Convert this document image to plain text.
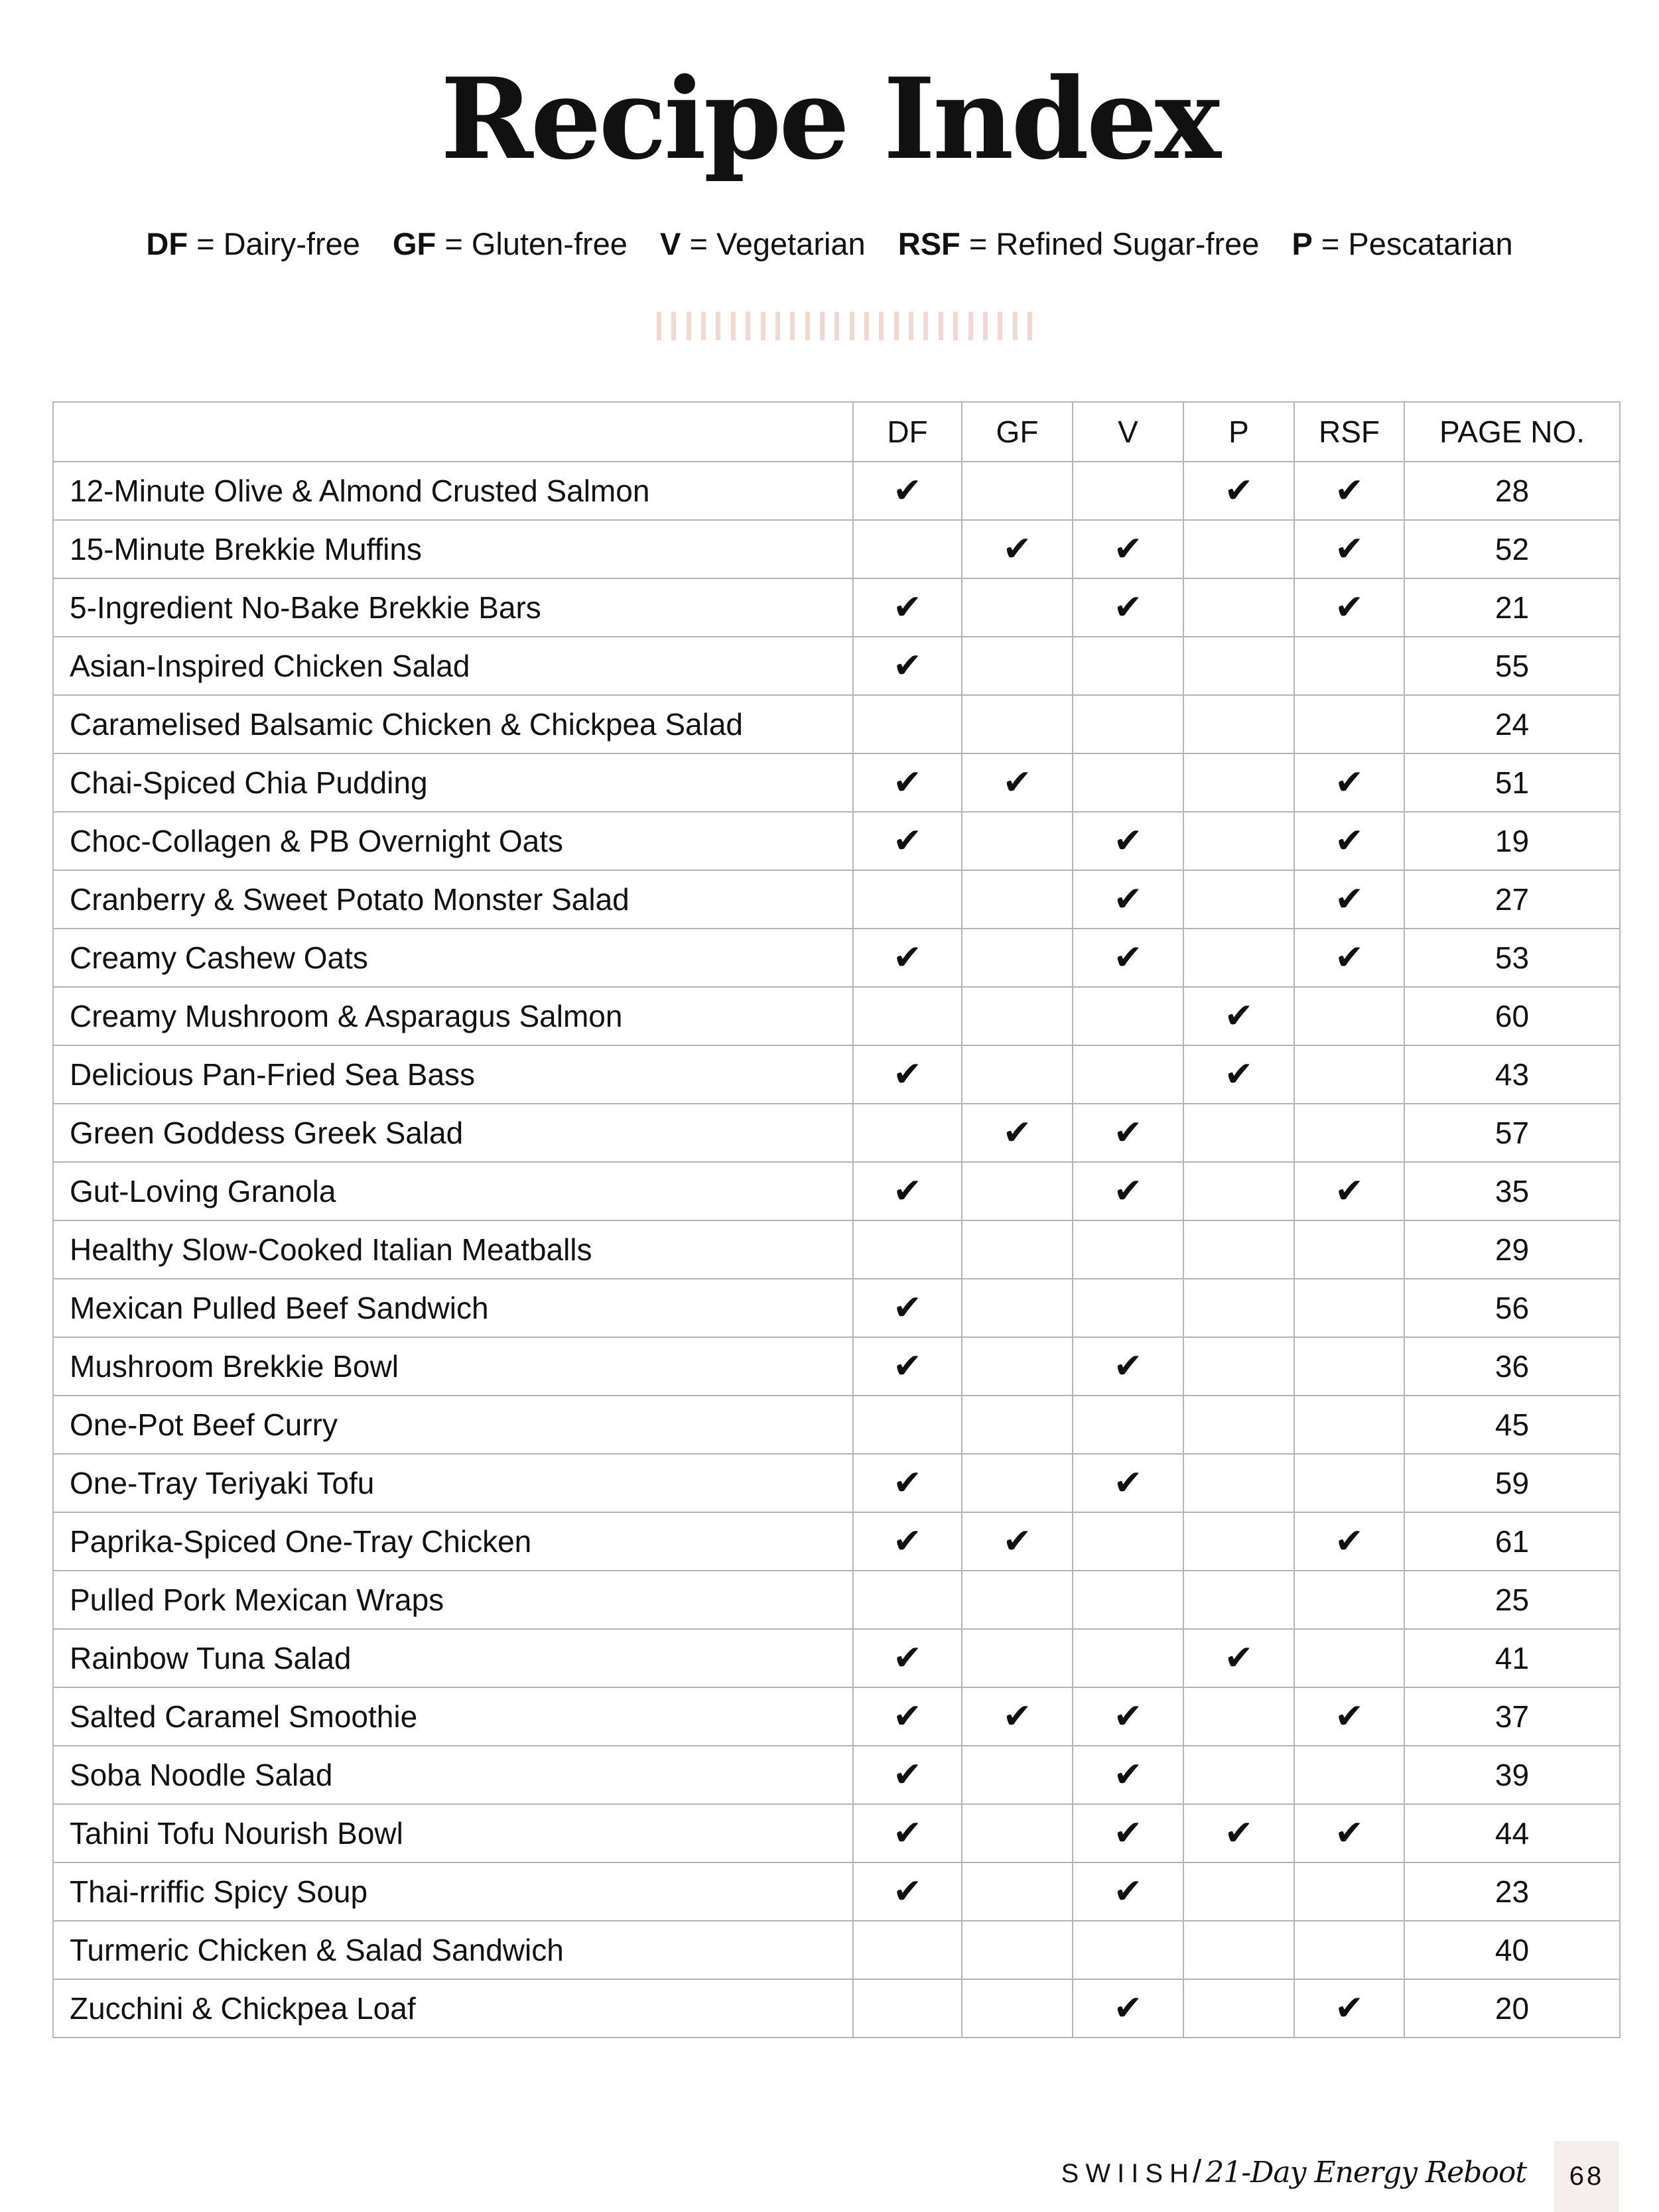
Recipe Index
DF = Dairy-free GF = Gluten-free V = Vegetarian RSF = Refined Sugar-free P = Pescatarian
	DF	GF	V	P	RSF	PAGE NO.
12-Minute Olive & Almond Crusted Salmon	✔			✔	✔	28
15-Minute Brekkie Muffins		✔	✔		✔	52
5-Ingredient No-Bake Brekkie Bars	✔		✔		✔	21
Asian-Inspired Chicken Salad	✔					55
Caramelised Balsamic Chicken & Chickpea Salad						24
Chai-Spiced Chia Pudding	✔	✔			✔	51
Choc-Collagen & PB Overnight Oats	✔		✔		✔	19
Cranberry & Sweet Potato Monster Salad			✔		✔	27
Creamy Cashew Oats	✔		✔		✔	53
Creamy Mushroom & Asparagus Salmon				✔		60
Delicious Pan-Fried Sea Bass	✔			✔		43
Green Goddess Greek Salad		✔	✔			57
Gut-Loving Granola	✔		✔		✔	35
Healthy Slow-Cooked Italian Meatballs						29
Mexican Pulled Beef Sandwich	✔					56
Mushroom Brekkie Bowl	✔		✔			36
One-Pot Beef Curry						45
One-Tray Teriyaki Tofu	✔		✔			59
Paprika-Spiced One-Tray Chicken	✔	✔			✔	61
Pulled Pork Mexican Wraps						25
Rainbow Tuna Salad	✔			✔		41
Salted Caramel Smoothie	✔	✔	✔		✔	37
Soba Noodle Salad	✔		✔			39
Tahini Tofu Nourish Bowl	✔		✔	✔	✔	44
Thai-rriffic Spicy Soup	✔		✔			23
Turmeric Chicken & Salad Sandwich						40
Zucchini & Chickpea Loaf			✔		✔	20
SWIISH/ 21-Day Energy Reboot	68
